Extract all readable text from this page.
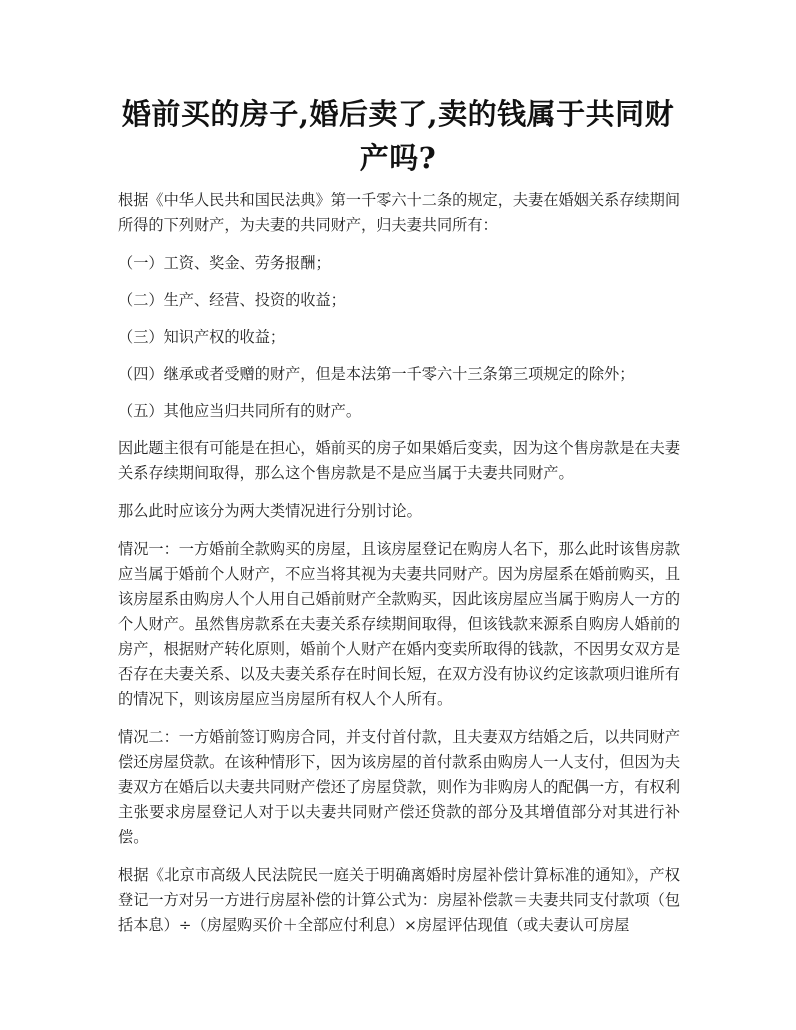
婚前买的房子,婚后卖了,卖的钱属于共同财产吗?

根据《中华人民共和国民法典》第一千零六十二条的规定，夫妻在婚姻关系存续期间所得的下列财产，为夫妻的共同财产，归夫妻共同所有：

（一）工资、奖金、劳务报酬；

（二）生产、经营、投资的收益；

（三）知识产权的收益；

（四）继承或者受赠的财产，但是本法第一千零六十三条第三项规定的除外；

（五）其他应当归共同所有的财产。

因此题主很有可能是在担心，婚前买的房子如果婚后变卖，因为这个售房款是在夫妻关系存续期间取得，那么这个售房款是不是应当属于夫妻共同财产。

那么此时应该分为两大类情况进行分别讨论。

情况一：一方婚前全款购买的房屋，且该房屋登记在购房人名下，那么此时该售房款应当属于婚前个人财产，不应当将其视为夫妻共同财产。因为房屋系在婚前购买，且该房屋系由购房人个人用自己婚前财产全款购买，因此该房屋应当属于购房人一方的个人财产。虽然售房款系在夫妻关系存续期间取得，但该钱款来源系自购房人婚前的房产，根据财产转化原则，婚前个人财产在婚内变卖所取得的钱款，不因男女双方是否存在夫妻关系、以及夫妻关系存在时间长短，在双方没有协议约定该款项归谁所有的情况下，则该房屋应当房屋所有权人个人所有。

情况二：一方婚前签订购房合同，并支付首付款，且夫妻双方结婚之后，以共同财产偿还房屋贷款。在该种情形下，因为该房屋的首付款系由购房人一人支付，但因为夫妻双方在婚后以夫妻共同财产偿还了房屋贷款，则作为非购房人的配偶一方，有权利主张要求房屋登记人对于以夫妻共同财产偿还贷款的部分及其增值部分对其进行补偿。

根据《北京市高级人民法院民一庭关于明确离婚时房屋补偿计算标准的通知》，产权登记一方对另一方进行房屋补偿的计算公式为：房屋补偿款＝夫妻共同支付款项（包括本息）÷（房屋购买价＋全部应付利息）×房屋评估现值（或夫妻认可房屋
